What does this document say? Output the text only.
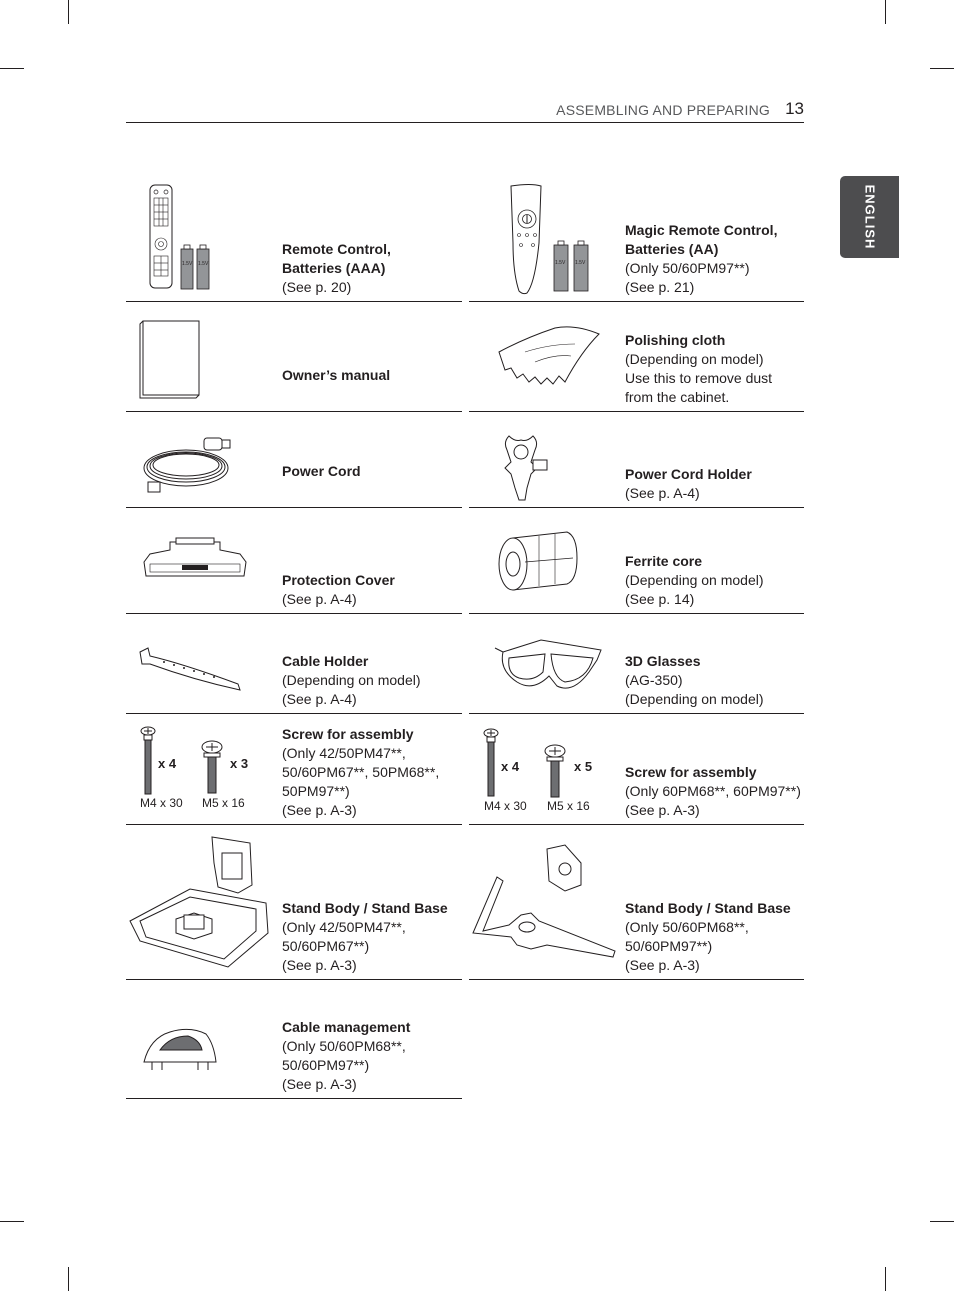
ASSEMBLING AND PREPARING 13
ENGLISH
1.5V 1.5V
Remote Control,
Batteries (AAA)
(See p. 20)
1.5V 1.5V
Magic Remote Control,
Batteries (AA)
(Only 50/60PM97**)
(See p. 21)
Owner’s manual
Polishing cloth
(Depending on model)
Use this to remove dust
from the cabinet.
Power Cord	Power Cord Holder
(See p. A-4)
Protection Cover
(See p. A-4)
Ferrite core
(Depending on model)
(See p. 14)
Cable Holder
(Depending on model)
(See p. A-4)
3D Glasses
(AG-350)
(Depending on model)
x 4	x 3
M4 x 30 M5 x 16
Screw for assembly
(Only 42/50PM47**,
50/60PM67**, 50PM68**,
50PM97**)
(See p. A-3)
x 4	x 5
M4 x 30 M5 x 16
Screw for assembly
(Only 60PM68**, 60PM97**)
(See p. A-3)
Stand Body / Stand Base
(Only 42/50PM47**,
50/60PM67**)
(See p. A-3)
Stand Body / Stand Base
(Only 50/60PM68**,
50/60PM97**)
(See p. A-3)
Cable management
(Only 50/60PM68**,
50/60PM97**)
(See p. A-3)
